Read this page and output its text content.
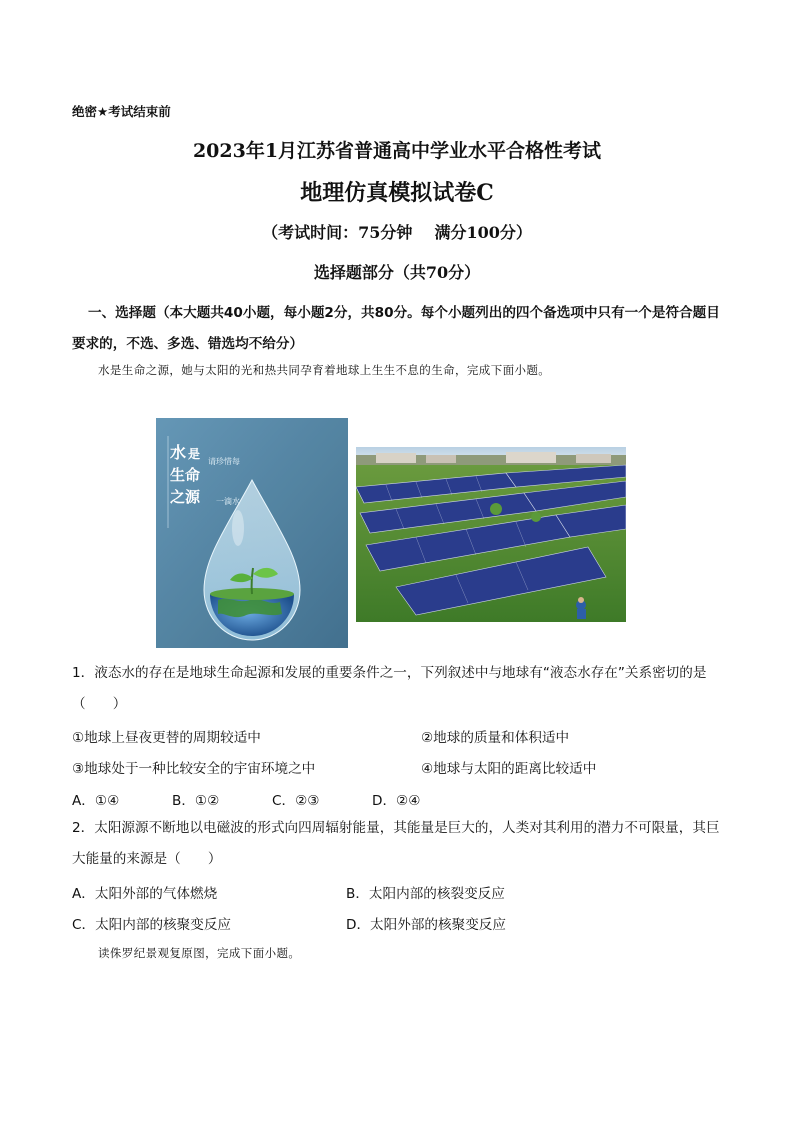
绝密★考试结束前
2023年1月江苏省普通高中学业水平合格性考试
地理仿真模拟试卷C
（考试时间：75分钟 满分100分）
选择题部分（共70分）
一、选择题（本大题共40小题，每小题2分，共80分。每个小题列出的四个备选项中只有一个是符合题目要求的，不选、多选、错选均不给分）
水是生命之源，她与太阳的光和热共同孕育着地球上生生不息的生命，完成下面小题。
水 是
生命
之源
请珍惜每
一滴水
1．液态水的存在是地球生命起源和发展的重要条件之一，下列叙述中与地球有“液态水存在”关系密切的是（　　）
①地球上昼夜更替的周期较适中	②地球的质量和体积适中
③地球处于一种比较安全的宇宙环境之中	④地球与太阳的距离比较适中
A．①④	B．①②	C．②③	D．②④
2．太阳源源不断地以电磁波的形式向四周辐射能量，其能量是巨大的，人类对其利用的潜力不可限量，其巨大能量的来源是（　　）
A．太阳外部的气体燃烧	B．太阳内部的核裂变反应
C．太阳内部的核聚变反应	D．太阳外部的核聚变反应
读侏罗纪景观复原图，完成下面小题。
